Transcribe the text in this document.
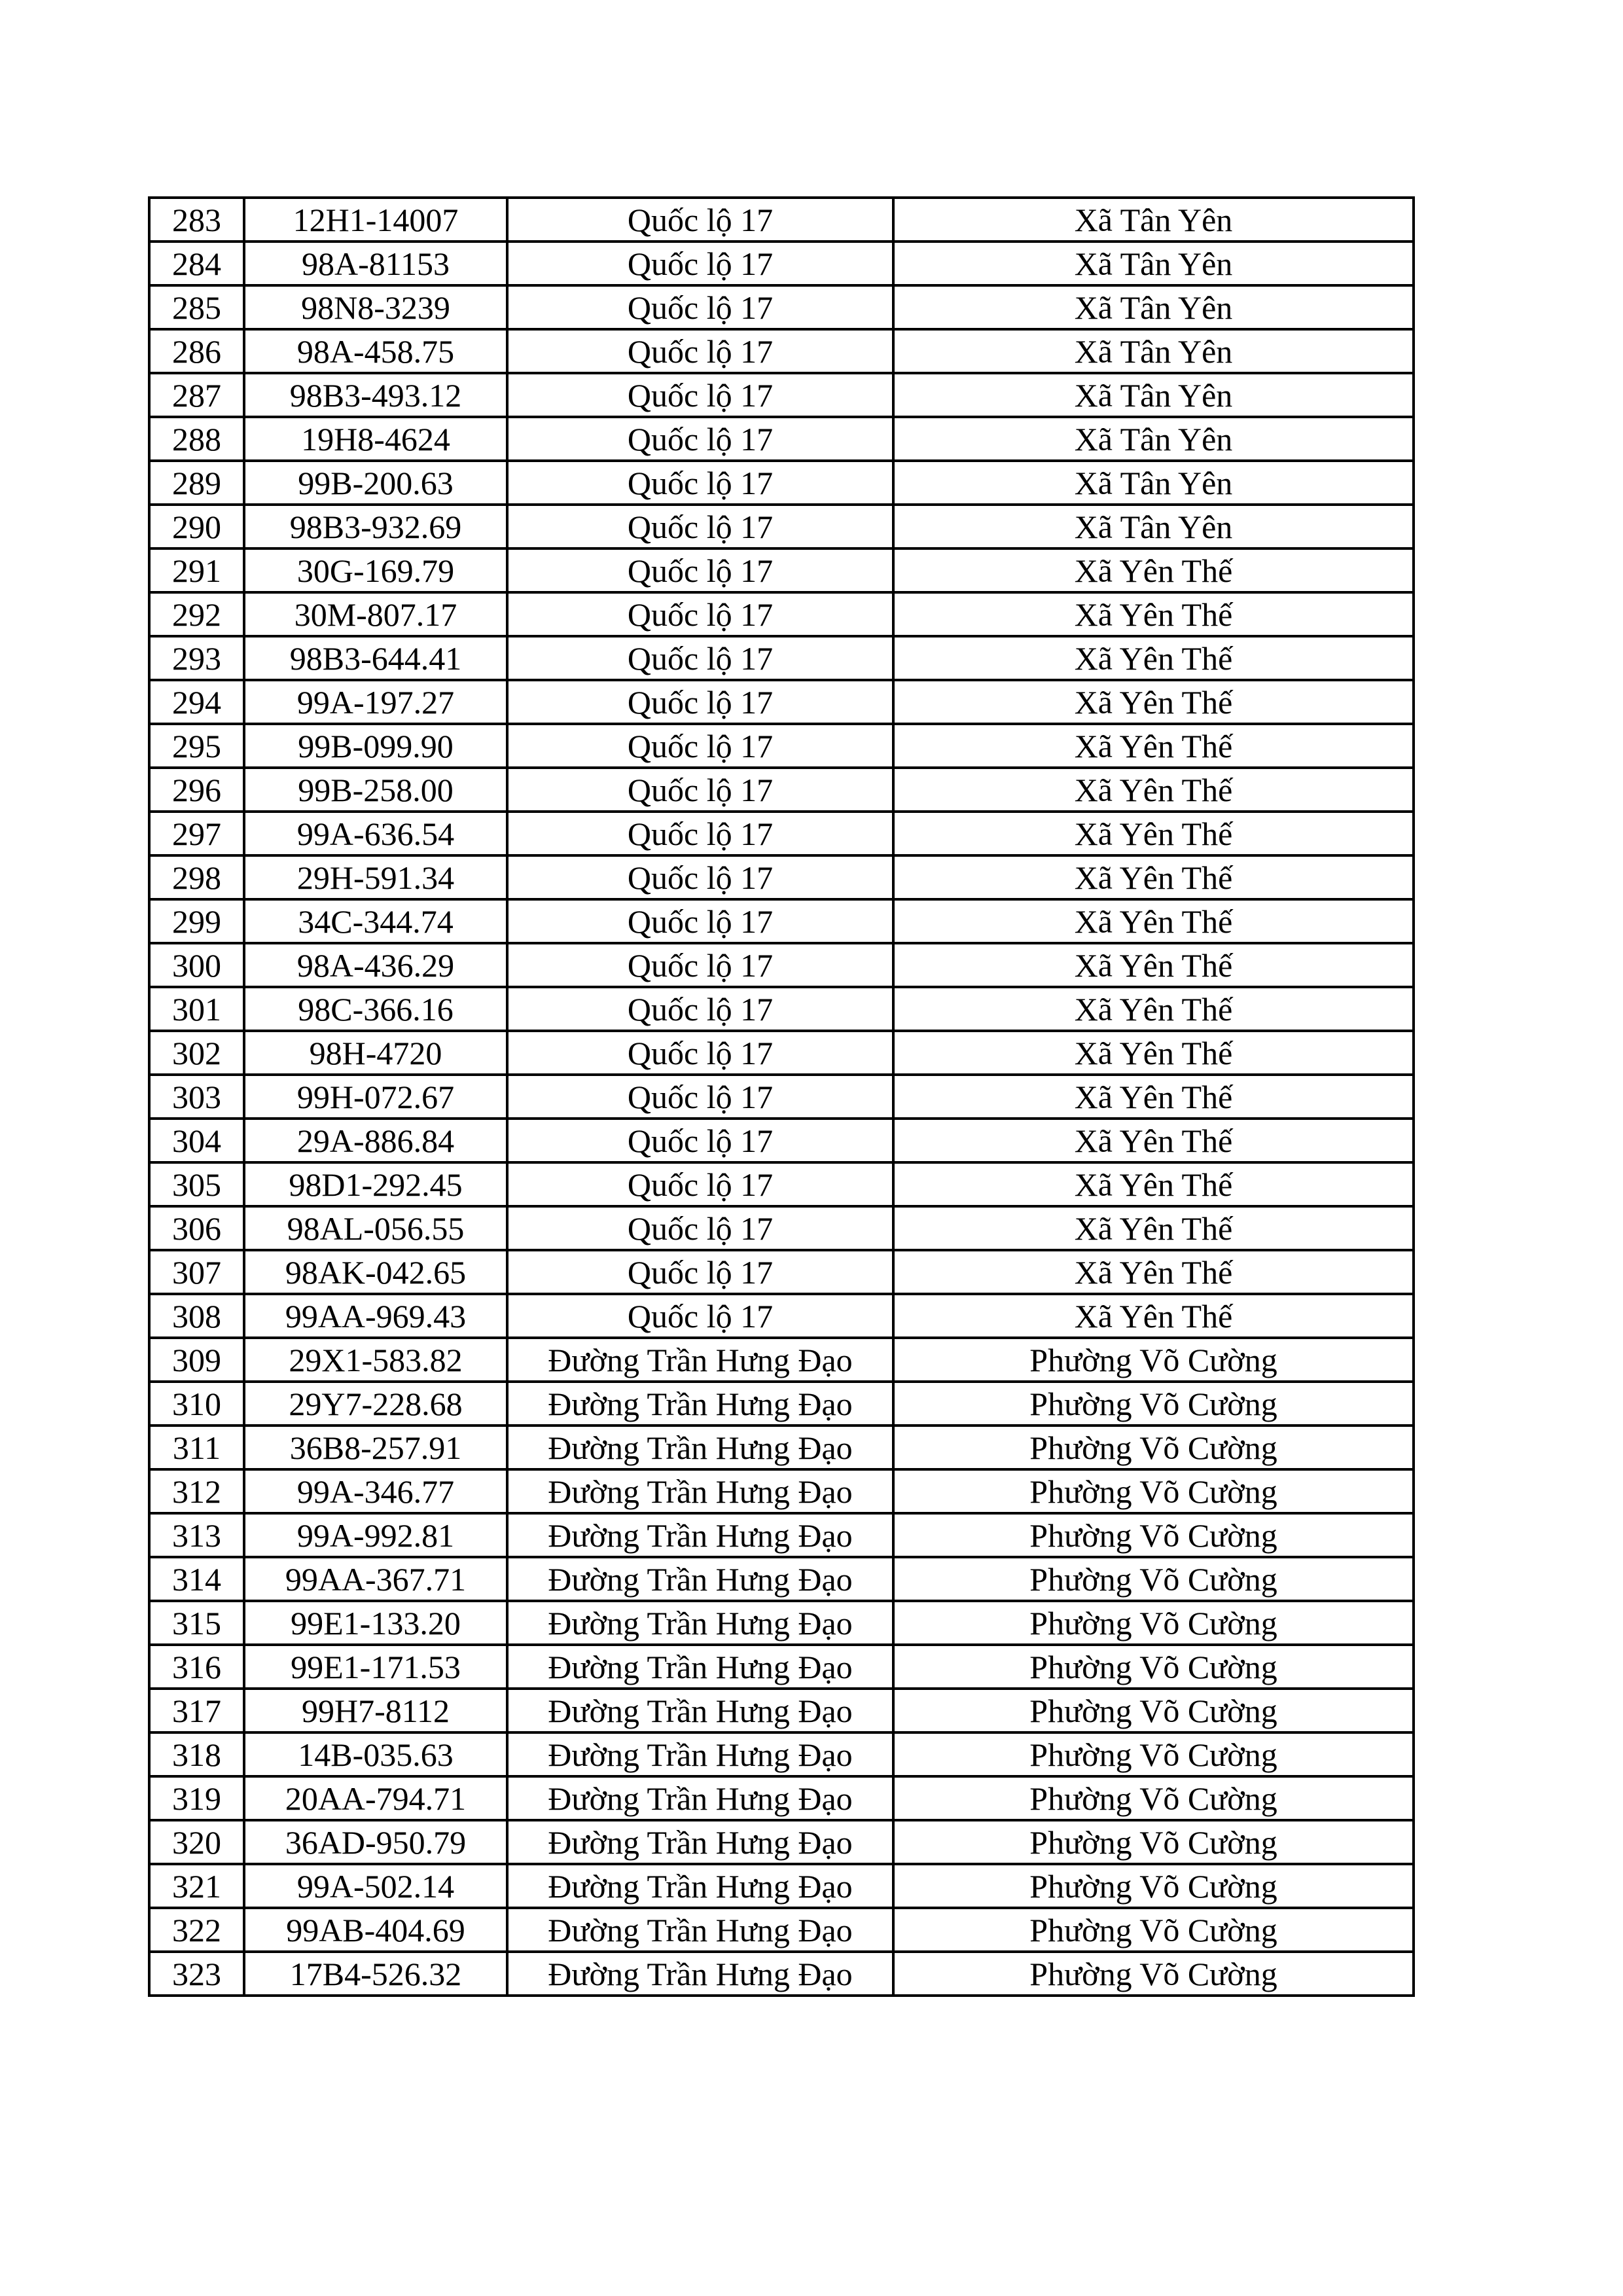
283	12H1-14007	Quốc lộ 17	Xã Tân Yên
284	98A-81153	Quốc lộ 17	Xã Tân Yên
285	98N8-3239	Quốc lộ 17	Xã Tân Yên
286	98A-458.75	Quốc lộ 17	Xã Tân Yên
287	98B3-493.12	Quốc lộ 17	Xã Tân Yên
288	19H8-4624	Quốc lộ 17	Xã Tân Yên
289	99B-200.63	Quốc lộ 17	Xã Tân Yên
290	98B3-932.69	Quốc lộ 17	Xã Tân Yên
291	30G-169.79	Quốc lộ 17	Xã Yên Thế
292	30M-807.17	Quốc lộ 17	Xã Yên Thế
293	98B3-644.41	Quốc lộ 17	Xã Yên Thế
294	99A-197.27	Quốc lộ 17	Xã Yên Thế
295	99B-099.90	Quốc lộ 17	Xã Yên Thế
296	99B-258.00	Quốc lộ 17	Xã Yên Thế
297	99A-636.54	Quốc lộ 17	Xã Yên Thế
298	29H-591.34	Quốc lộ 17	Xã Yên Thế
299	34C-344.74	Quốc lộ 17	Xã Yên Thế
300	98A-436.29	Quốc lộ 17	Xã Yên Thế
301	98C-366.16	Quốc lộ 17	Xã Yên Thế
302	98H-4720	Quốc lộ 17	Xã Yên Thế
303	99H-072.67	Quốc lộ 17	Xã Yên Thế
304	29A-886.84	Quốc lộ 17	Xã Yên Thế
305	98D1-292.45	Quốc lộ 17	Xã Yên Thế
306	98AL-056.55	Quốc lộ 17	Xã Yên Thế
307	98AK-042.65	Quốc lộ 17	Xã Yên Thế
308	99AA-969.43	Quốc lộ 17	Xã Yên Thế
309	29X1-583.82	Đường Trần Hưng Đạo	Phường Võ Cường
310	29Y7-228.68	Đường Trần Hưng Đạo	Phường Võ Cường
311	36B8-257.91	Đường Trần Hưng Đạo	Phường Võ Cường
312	99A-346.77	Đường Trần Hưng Đạo	Phường Võ Cường
313	99A-992.81	Đường Trần Hưng Đạo	Phường Võ Cường
314	99AA-367.71	Đường Trần Hưng Đạo	Phường Võ Cường
315	99E1-133.20	Đường Trần Hưng Đạo	Phường Võ Cường
316	99E1-171.53	Đường Trần Hưng Đạo	Phường Võ Cường
317	99H7-8112	Đường Trần Hưng Đạo	Phường Võ Cường
318	14B-035.63	Đường Trần Hưng Đạo	Phường Võ Cường
319	20AA-794.71	Đường Trần Hưng Đạo	Phường Võ Cường
320	36AD-950.79	Đường Trần Hưng Đạo	Phường Võ Cường
321	99A-502.14	Đường Trần Hưng Đạo	Phường Võ Cường
322	99AB-404.69	Đường Trần Hưng Đạo	Phường Võ Cường
323	17B4-526.32	Đường Trần Hưng Đạo	Phường Võ Cường
